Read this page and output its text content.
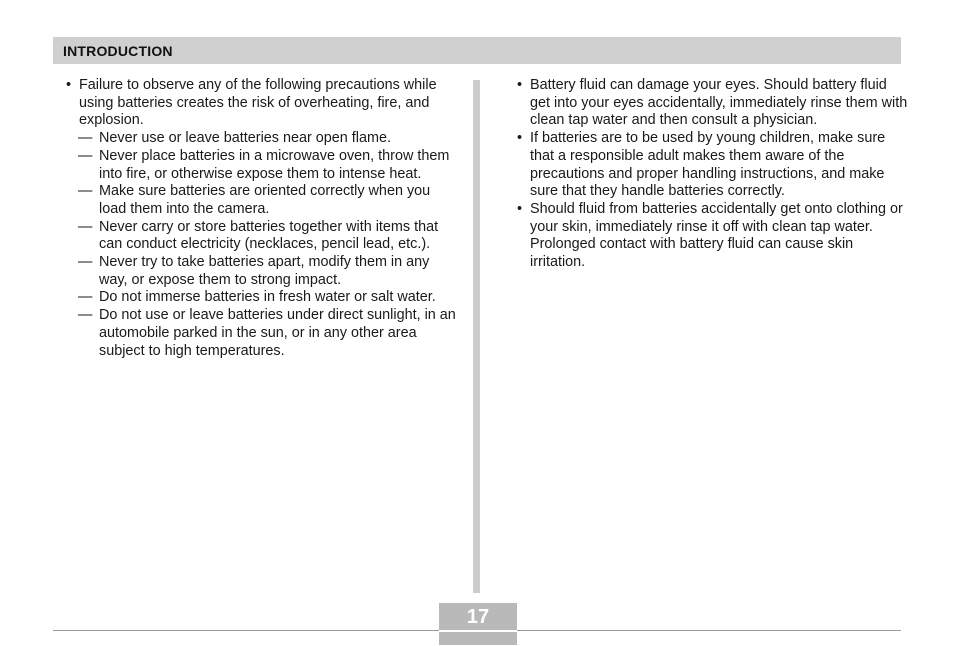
INTRODUCTION
• Failure to observe any of the following precautions while using batteries creates the risk of overheating, fire, and explosion.
— Never use or leave batteries near open flame.
— Never place batteries in a microwave oven, throw them into fire, or otherwise expose them to intense heat.
— Make sure batteries are oriented correctly when you load them into the camera.
— Never carry or store batteries together with items that can conduct electricity (necklaces, pencil lead, etc.).
— Never try to take batteries apart, modify them in any way, or expose them to strong impact.
— Do not immerse batteries in fresh water or salt water.
— Do not use or leave batteries under direct sunlight, in an automobile parked in the sun, or in any other area subject to high temperatures.
• Battery fluid can damage your eyes. Should battery fluid get into your eyes accidentally, immediately rinse them with clean tap water and then consult a physician.
• If batteries are to be used by young children, make sure that a responsible adult makes them aware of the precautions and proper handling instructions, and make sure that they handle batteries correctly.
• Should fluid from batteries accidentally get onto clothing or your skin, immediately rinse it off with clean tap water. Prolonged contact with battery fluid can cause skin irritation.
17
